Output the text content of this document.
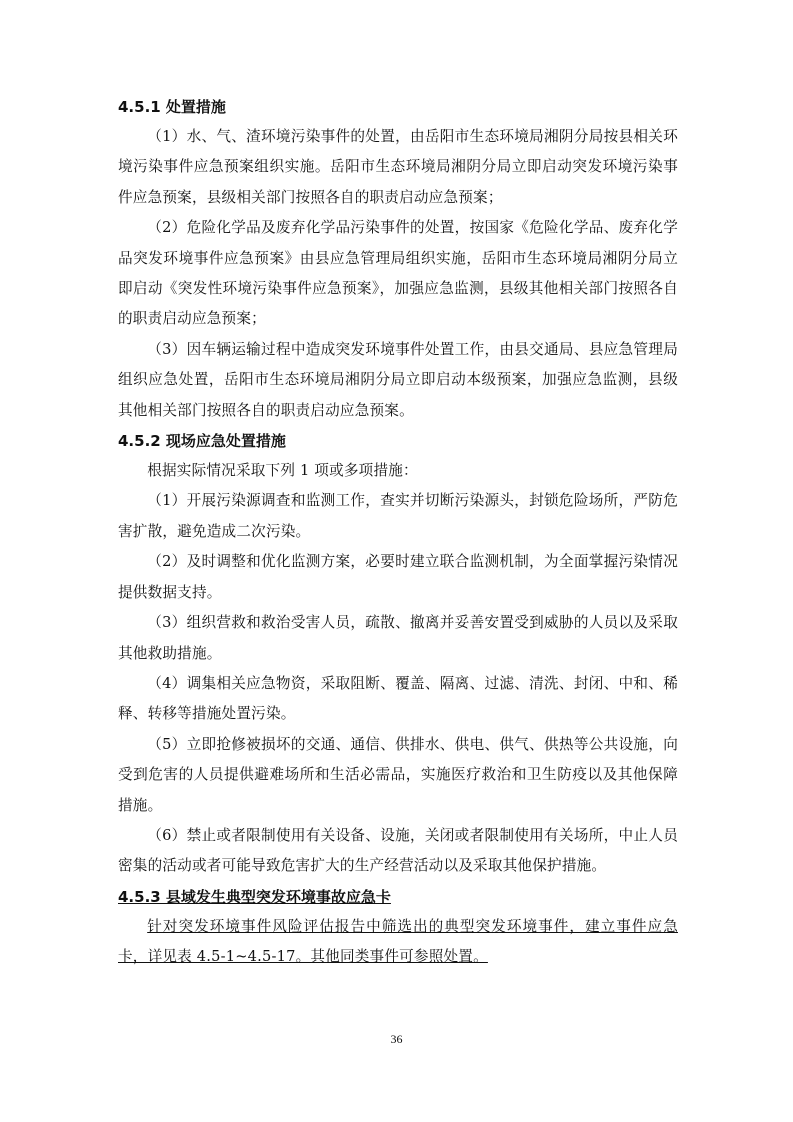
4.5.1 处置措施

（1）水、气、渣环境污染事件的处置，由岳阳市生态环境局湘阴分局按县相关环境污染事件应急预案组织实施。岳阳市生态环境局湘阴分局立即启动突发环境污染事件应急预案，县级相关部门按照各自的职责启动应急预案；

（2）危险化学品及废弃化学品污染事件的处置，按国家《危险化学品、废弃化学品突发环境事件应急预案》由县应急管理局组织实施，岳阳市生态环境局湘阴分局立即启动《突发性环境污染事件应急预案》，加强应急监测，县级其他相关部门按照各自的职责启动应急预案；

（3）因车辆运输过程中造成突发环境事件处置工作，由县交通局、县应急管理局组织应急处置，岳阳市生态环境局湘阴分局立即启动本级预案，加强应急监测，县级其他相关部门按照各自的职责启动应急预案。

4.5.2 现场应急处置措施

根据实际情况采取下列 1 项或多项措施：

（1）开展污染源调查和监测工作，查实并切断污染源头，封锁危险场所，严防危害扩散，避免造成二次污染。

（2）及时调整和优化监测方案，必要时建立联合监测机制，为全面掌握污染情况提供数据支持。

（3）组织营救和救治受害人员，疏散、撤离并妥善安置受到威胁的人员以及采取其他救助措施。

（4）调集相关应急物资，采取阻断、覆盖、隔离、过滤、清洗、封闭、中和、稀释、转移等措施处置污染。

（5）立即抢修被损坏的交通、通信、供排水、供电、供气、供热等公共设施，向受到危害的人员提供避难场所和生活必需品，实施医疗救治和卫生防疫以及其他保障措施。

（6）禁止或者限制使用有关设备、设施，关闭或者限制使用有关场所，中止人员密集的活动或者可能导致危害扩大的生产经营活动以及采取其他保护措施。

4.5.3 县域发生典型突发环境事故应急卡

针对突发环境事件风险评估报告中筛选出的典型突发环境事件，建立事件应急卡，详见表 4.5-1~4.5-17。其他同类事件可参照处置。

36
